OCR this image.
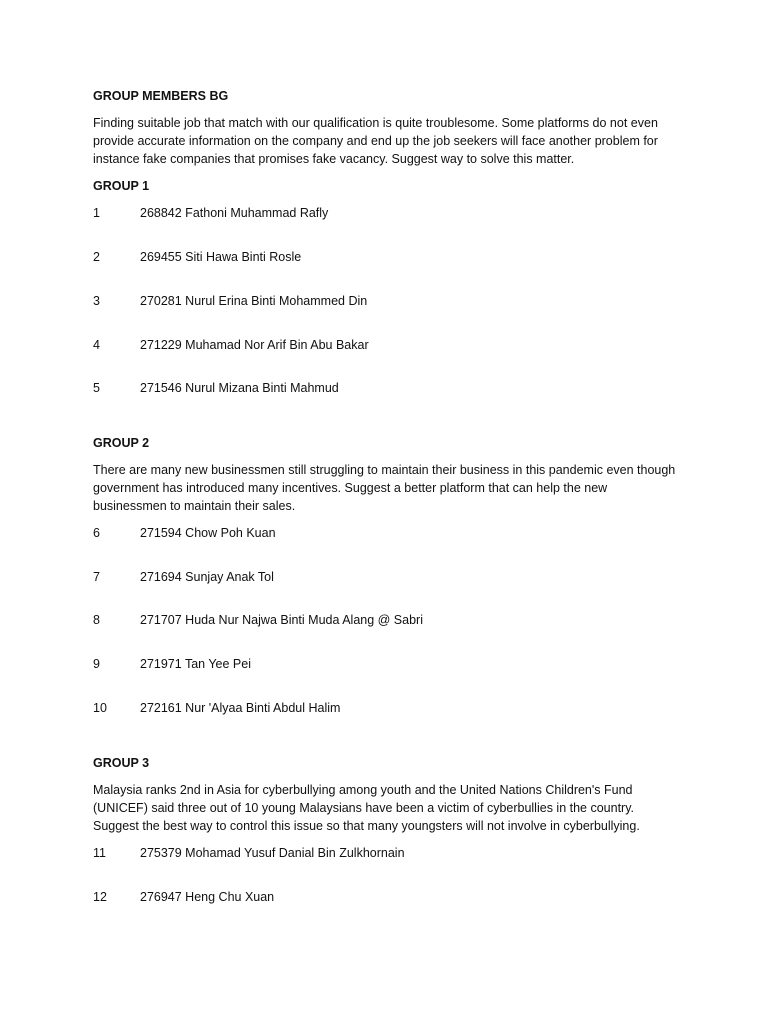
GROUP MEMBERS BG
Finding suitable job that match with our qualification is quite troublesome. Some platforms do not even provide accurate information on the company and end up the job seekers will face another problem for instance fake companies that promises fake vacancy. Suggest way to solve this matter.
GROUP 1
1	268842 Fathoni Muhammad Rafly
2	269455 Siti Hawa Binti Rosle
3	270281 Nurul Erina Binti Mohammed Din
4	271229 Muhamad Nor Arif Bin Abu Bakar
5	271546 Nurul Mizana Binti Mahmud
GROUP 2
There are many new businessmen still struggling to maintain their business in this pandemic even though government has introduced many incentives. Suggest a better platform that can help the new businessmen to maintain their sales.
6	271594 Chow Poh Kuan
7	271694 Sunjay Anak Tol
8	271707 Huda Nur Najwa Binti Muda Alang @ Sabri
9	271971 Tan Yee Pei
10	272161 Nur 'Alyaa Binti Abdul Halim
GROUP 3
Malaysia ranks 2nd in Asia for cyberbullying among youth and the United Nations Children's Fund (UNICEF) said three out of 10 young Malaysians have been a victim of cyberbullies in the country. Suggest the best way to control this issue so that many youngsters will not involve in cyberbullying.
11	275379 Mohamad Yusuf Danial Bin Zulkhornain
12	276947 Heng Chu Xuan
